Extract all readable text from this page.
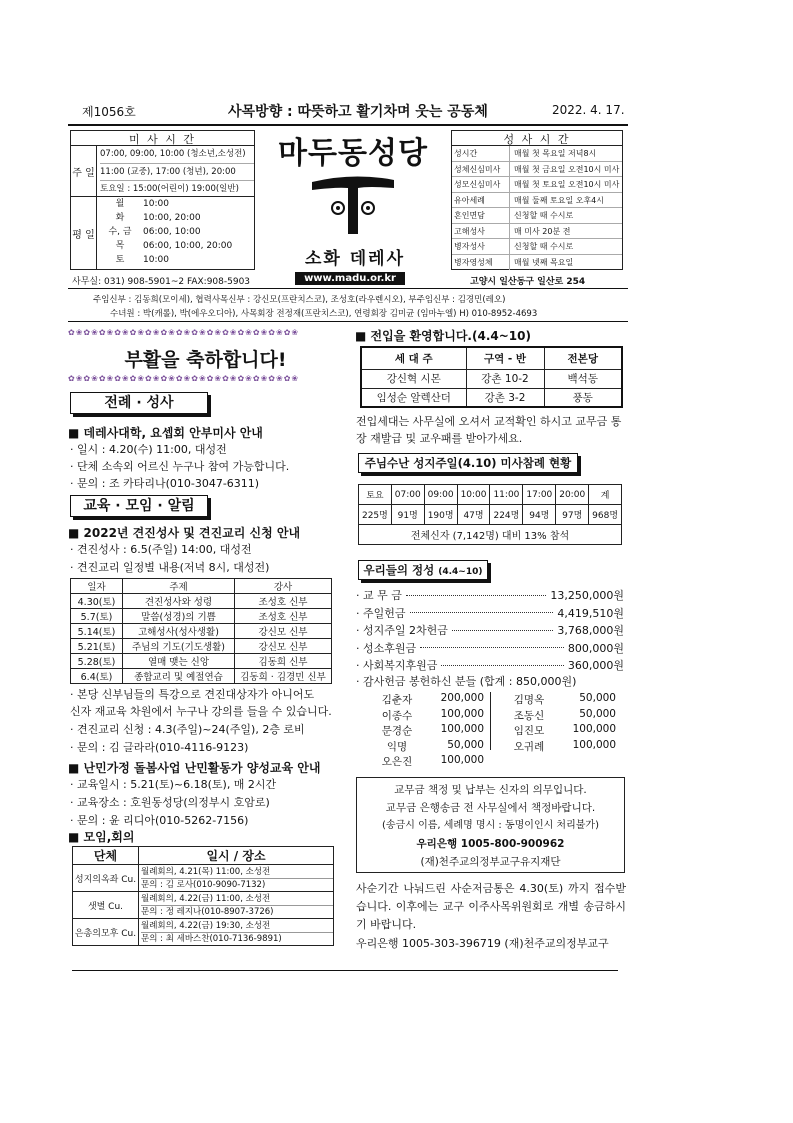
제1056호	사목방향 : 따뜻하고 활기차며 웃는 공동체	2022. 4. 17.
미 사 시 간
주 일
07:00, 09:00, 10:00 (청소년,소성전)
11:00 (교중), 17:00 (청년), 20:00
토요일 : 15:00(어린이) 19:00(일반)
평 일
월	10:00
화	10:00, 20:00
수, 금	06:00, 10:00
목	06:00, 10:00, 20:00
토	10:00
마두동성당
소화 데레사
성 사 시 간
성시간	매월 첫 목요일 저녁8시
성체신심미사	매월 첫 금요일 오전10시 미사
성모신심미사	매월 첫 토요일 오전10시 미사
유아세례	매월 둘째 토요일 오후4시
혼인면담	신청할 때 수시로
고해성사	매 미사 20분 전
병자성사	신청할 때 수시로
병자영성체	매월 넷째 목요일
사무실: 031) 908-5901~2 FAX:908-5903	www.madu.or.kr	고양시 일산동구 일산로 254
주임신부 : 김동희(모이세), 협력사목신부 : 강신모(프란치스코), 조성호(라우렌시오), 부주임신부 : 김경민(레오)
수녀원 : 박(캐롤), 박(에우오디아), 사목회장 전정재(프란치스코), 연령회장 김미균 (임마누엘) H) 010-8952-4693
✿❀✿❀✿❀✿❀✿❀✿❀✿❀✿❀✿❀✿❀✿❀✿❀✿❀✿❀✿❀
부활을 축하합니다!
✿❀✿❀✿❀✿❀✿❀✿❀✿❀✿❀✿❀✿❀✿❀✿❀✿❀✿❀✿❀
전례 · 성사
■ 데레사대학, 요셉회 안부미사 안내
· 일시 : 4.20(수) 11:00, 대성전
· 단체 소속외 어르신 누구나 참여 가능합니다.
· 문의 : 조 카타리나(010-3047-6311)
교육 · 모임 · 알림
■ 2022년 견진성사 및 견진교리 신청 안내
· 견진성사 : 6.5(주일) 14:00, 대성전
· 견진교리 일정별 내용(저녁 8시, 대성전)
일자	주제	강사
4.30(토)	견진성사와 성령	조성호 신부
5.7(토)	말씀(성경)의 기쁨	조성호 신부
5.14(토)	고해성사(성사생활)	강신모 신부
5.21(토)	주님의 기도(기도생활)	강신모 신부
5.28(토)	열매 맺는 신앙	김동희 신부
6.4(토)	종합교리 및 예절연습	김동희 · 김경민 신부
· 본당 신부님들의 특강으로 견진대상자가 아니어도
신자 재교육 차원에서 누구나 강의를 들을 수 있습니다.
· 견진교리 신청 : 4.3(주일)~24(주일), 2층 로비
· 문의 : 김 글라라(010-4116-9123)
■ 난민가정 돌봄사업 난민활동가 양성교육 안내
· 교육일시 : 5.21(토)~6.18(토), 매 2시간
· 교육장소 : 호원동성당(의정부시 호암로)
· 문의 : 윤 리디아(010-5262-7156)
■ 모임,회의
단체	일시 / 장소
성지의옥좌 Cu.	월례회의, 4.21(목) 11:00, 소성전
문의 : 김 로사(010-9090-7132)

샛별 Cu.	월례회의, 4.22(금) 11:00, 소성전
문의 : 정 레지나(010-8907-3726)

은총의모후 Cu.	월례회의, 4.22(금) 19:30, 소성전
문의 : 최 세바스찬(010-7136-9891)
■ 전입을 환영합니다.(4.4~10)
세 대 주	구역 - 반	전본당
강신혁 시몬	강촌 10-2	백석동
임성순 알렉산더	강촌 3-2	풍동
전입세대는 사무실에 오셔서 교적확인 하시고 교무금 통장 재발급 및 교우패를 받아가세요.
주님수난 성지주일(4.10) 미사참례 현황
토요	07:00	09:00	10:00	11:00	17:00	20:00	계
225명	91명	190명	47명	224명	94명	97명	968명
전체신자 (7,142명) 대비 13% 참석							
우리들의 정성 (4.4~10)
· 교 무 금	13,250,000원
· 주일헌금	4,419,510원
· 성지주일 2차헌금	3,768,000원
· 성소후원금	800,000원
· 사회복지후원금	360,000원
· 감사헌금 봉헌하신 분들 (합계 : 850,000원)
김춘자	200,000
이종수	100,000
문경순	100,000
익명	50,000
오은진	100,000
김명옥	50,000
조동신	50,000
임진모	100,000
오귀례	100,000
교무금 책정 및 납부는 신자의 의무입니다.
교무금 은행송금 전 사무실에서 책정바랍니다.
(송금시 이름, 세례명 명시 : 동명이인시 처리불가)
우리은행 1005-800-900962
(재)천주교의정부교구유지재단
사순기간 나눠드린 사순저금통은 4.30(토) 까지 접수받습니다. 이후에는 교구 이주사목위원회로 개별 송금하시기 바랍니다.
우리은행 1005-303-396719 (재)천주교의정부교구
